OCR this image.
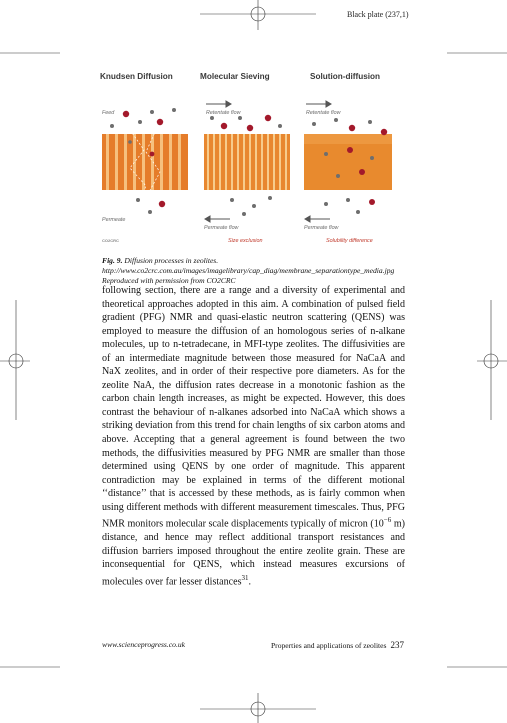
Black plate (237,1)
Knudsen Diffusion	Molecular Sieving	Solution-diffusion
Feed	Retentate flow	Retentate flow
Permeate
Permeate flow	Permeate flow
CO2CRC	Size exclusion	Solubility difference
Fig. 9. Diffusion processes in zeolites.
http://www.co2crc.com.au/images/imagelibrary/cap_diag/membrane_separationtype_media.jpg
Reproduced with permission from CO2CRC

following section, there are a range and a diversity of experimental and theoretical approaches adopted in this aim. A combination of pulsed field gradient (PFG) NMR and quasi-elastic neutron scattering (QENS) was employed to measure the diffusion of an homologous series of n-alkane molecules, up to n-tetradecane, in MFI-type zeolites. The diffusivities are of an intermediate magnitude between those measured for NaCaA and NaX zeolites, and in order of their respective pore diameters. As for the zeolite NaA, the diffusion rates decrease in a monotonic fashion as the carbon chain length increases, as might be expected. However, this does contrast the behaviour of n-alkanes adsorbed into NaCaA which shows a striking deviation from this trend for chain lengths of six carbon atoms and above. Accepting that a general agreement is found between the two methods, the diffusivities measured by PFG NMR are smaller than those determined using QENS by one order of magnitude. This apparent contradiction may be explained in terms of the different motional ‘‘distance’’ that is accessed by these methods, as is fairly common when using different methods with different measurement timescales. Thus, PFG NMR monitors molecular scale displacements typically of micron ($10^{-6}$ m) distance, and hence may reflect additional transport resistances and diffusion barriers imposed throughout the entire zeolite grain. These are inconsequential for QENS, which instead measures excursions of molecules over far lesser distances$^{31}$.

www.scienceprogress.co.uk	Properties and applications of zeolites 237
